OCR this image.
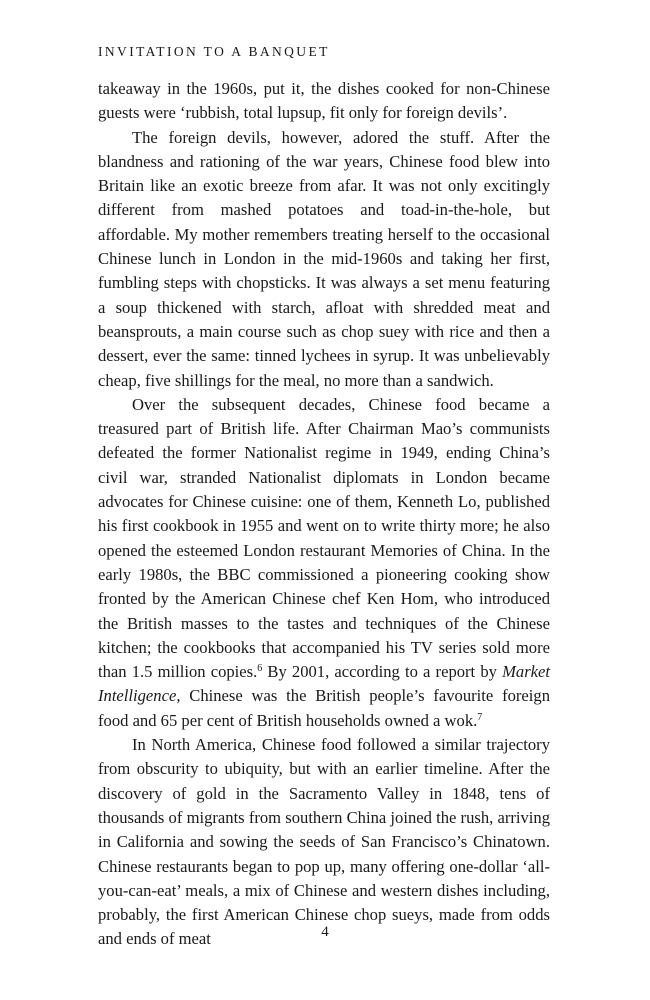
INVITATION TO A BANQUET

takeaway in the 1960s, put it, the dishes cooked for non-Chinese guests were ‘rubbish, total lupsup, fit only for foreign devils’.

The foreign devils, however, adored the stuff. After the blandness and rationing of the war years, Chinese food blew into Britain like an exotic breeze from afar. It was not only excitingly different from mashed potatoes and toad-in-the-hole, but affordable. My mother remembers treating herself to the occasional Chinese lunch in London in the mid-1960s and taking her first, fumbling steps with chopsticks. It was always a set menu featuring a soup thickened with starch, afloat with shredded meat and beansprouts, a main course such as chop suey with rice and then a dessert, ever the same: tinned lychees in syrup. It was unbelievably cheap, five shillings for the meal, no more than a sandwich.

Over the subsequent decades, Chinese food became a treasured part of British life. After Chairman Mao’s communists defeated the former Nationalist regime in 1949, ending China’s civil war, stranded Nationalist diplomats in London became advocates for Chinese cuisine: one of them, Kenneth Lo, published his first cookbook in 1955 and went on to write thirty more; he also opened the esteemed London restaurant Memories of China. In the early 1980s, the BBC commissioned a pioneering cooking show fronted by the American Chinese chef Ken Hom, who introduced the British masses to the tastes and techniques of the Chinese kitchen; the cookbooks that accompanied his TV series sold more than 1.5 million copies.$^6$ By 2001, according to a report by Market Intelligence, Chinese was the British people’s favourite foreign food and 65 per cent of British households owned a wok.$^7$

In North America, Chinese food followed a similar trajectory from obscurity to ubiquity, but with an earlier timeline. After the discovery of gold in the Sacramento Valley in 1848, tens of thousands of migrants from southern China joined the rush, arriving in California and sowing the seeds of San Francisco’s Chinatown. Chinese restaurants began to pop up, many offering one-dollar ‘all-you-can-eat’ meals, a mix of Chinese and western dishes including, probably, the first American Chinese chop sueys, made from odds and ends of meat	4
